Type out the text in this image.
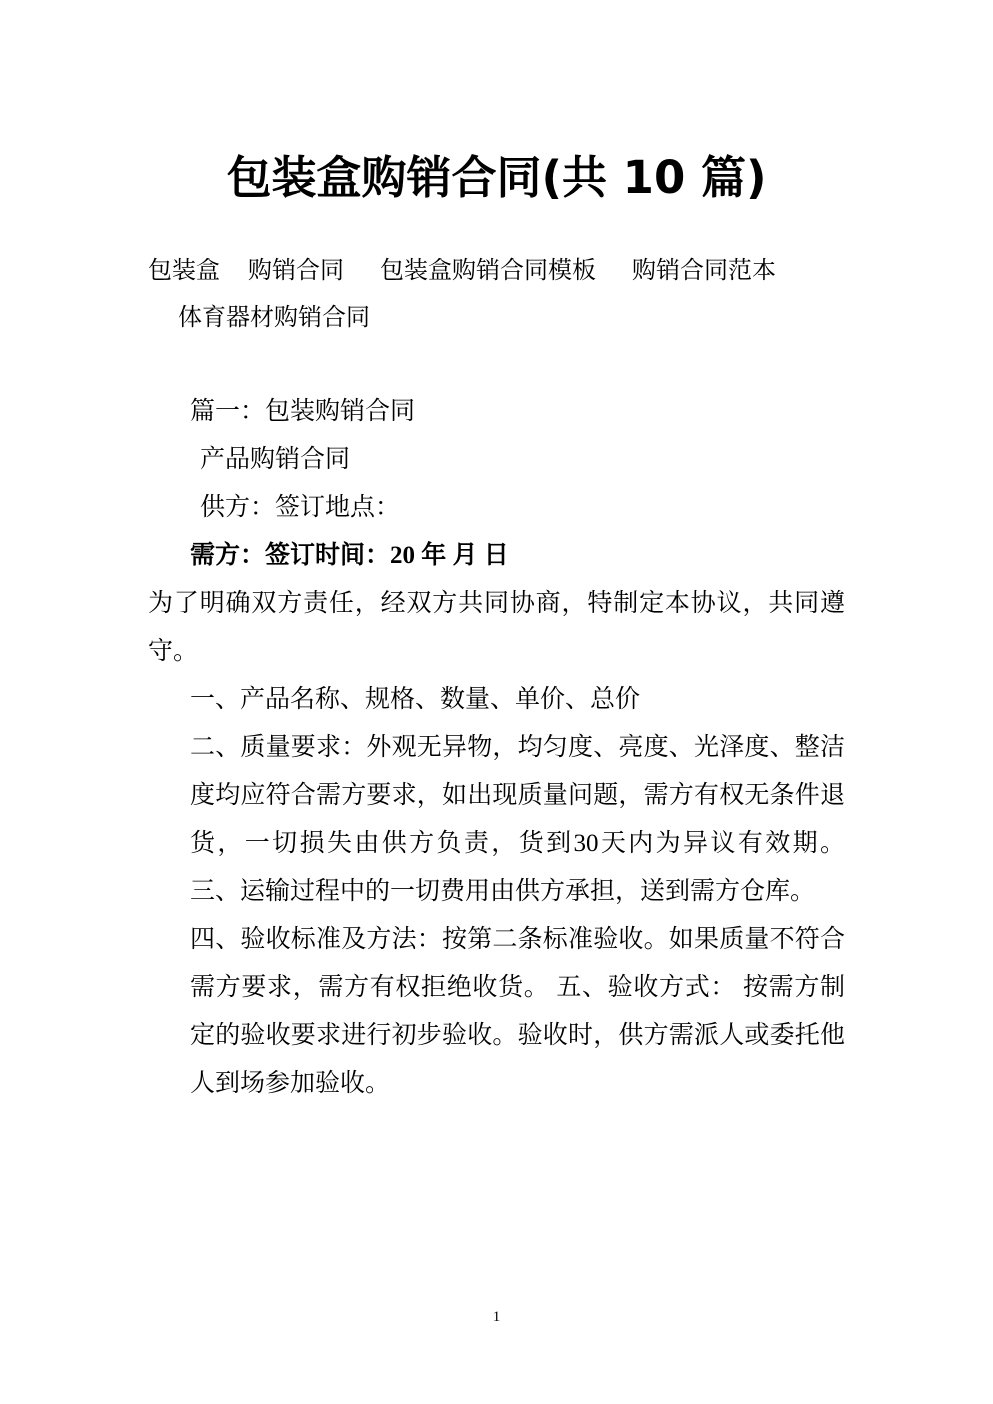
包装盒购销合同(共 10 篇)
包装盒 购销合同 包装盒购销合同模板 购销合同范本
体育器材购销合同

篇一：包装购销合同

产品购销合同

供方：签订地点：

需方：签订时间：20 年 月 日

为了明确双方责任，经双方共同协商，特制定本协议，共同遵守。

一、产品名称、规格、数量、单价、总价

二、质量要求：外观无异物，均匀度、亮度、光泽度、整洁度均应符合需方要求，如出现质量问题，需方有权无条件退货，一切损失由供方负责，货到30天内为异议有效期。 三、运输过程中的一切费用由供方承担，送到需方仓库。

四、验收标准及方法：按第二条标准验收。如果质量不符合需方要求，需方有权拒绝收货。 五、验收方式： 按需方制定的验收要求进行初步验收。验收时，供方需派人或委托他人到场参加验收。

1
